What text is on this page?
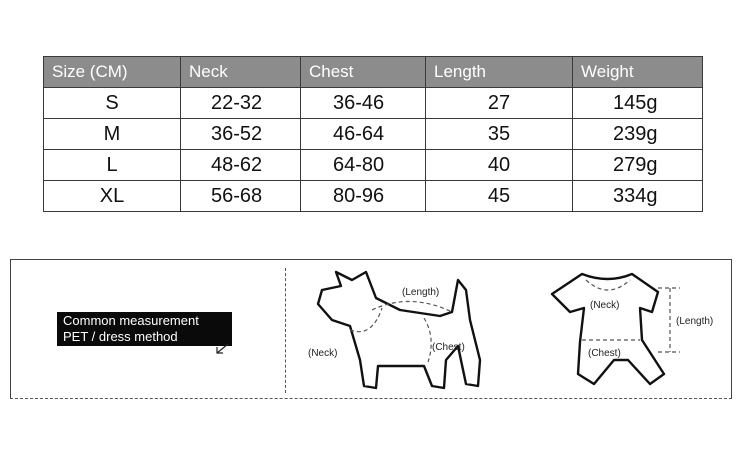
Size (CM)	Neck	Chest	Length	Weight
S	22-32	36-46	27	145g
M	36-52	46-64	35	239g
L	48-62	64-80	40	279g
XL	56-68	80-96	45	334g
Common measurement
PET / dress method
(Length)
(Neck)
(Chest)
(Neck)
(Chest)
(Length)
